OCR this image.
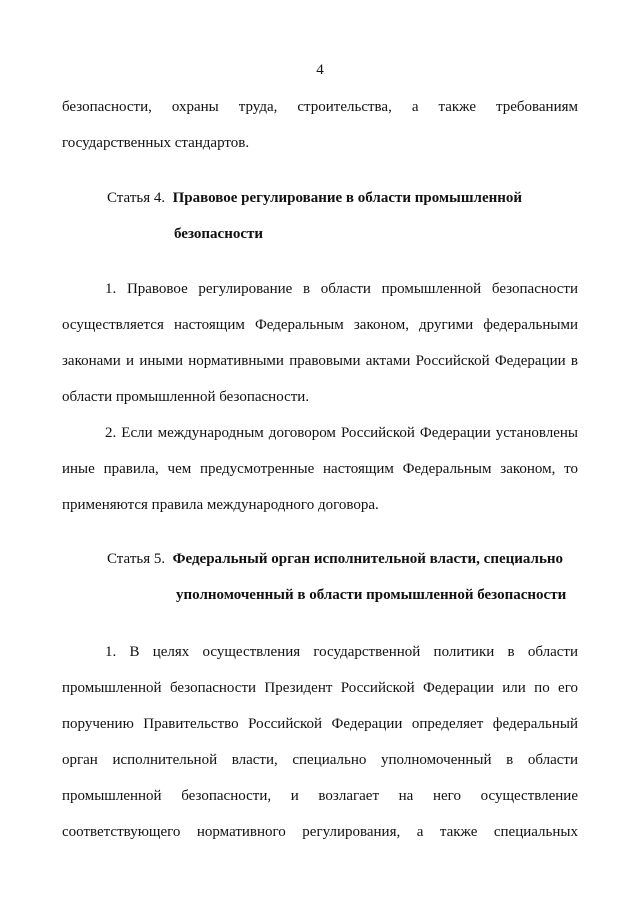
4
безопасности, охраны труда, строительства, а также требованиям
государственных стандартов.
Статья 4. Правовое регулирование в области промышленной
безопасности
1. Правовое регулирование в области промышленной безопасности
осуществляется настоящим Федеральным законом, другими федеральными
законами и иными нормативными правовыми актами Российской Федерации в
области промышленной безопасности.
2. Если международным договором Российской Федерации установлены
иные правила, чем предусмотренные настоящим Федеральным законом, то
применяются правила международного договора.
Статья 5. Федеральный орган исполнительной власти, специально
уполномоченный в области промышленной безопасности
1. В целях осуществления государственной политики в области
промышленной безопасности Президент Российской Федерации или по его
поручению Правительство Российской Федерации определяет федеральный
орган исполнительной власти, специально уполномоченный в области
промышленной безопасности, и возлагает на него осуществление
соответствующего нормативного регулирования, а также специальных
